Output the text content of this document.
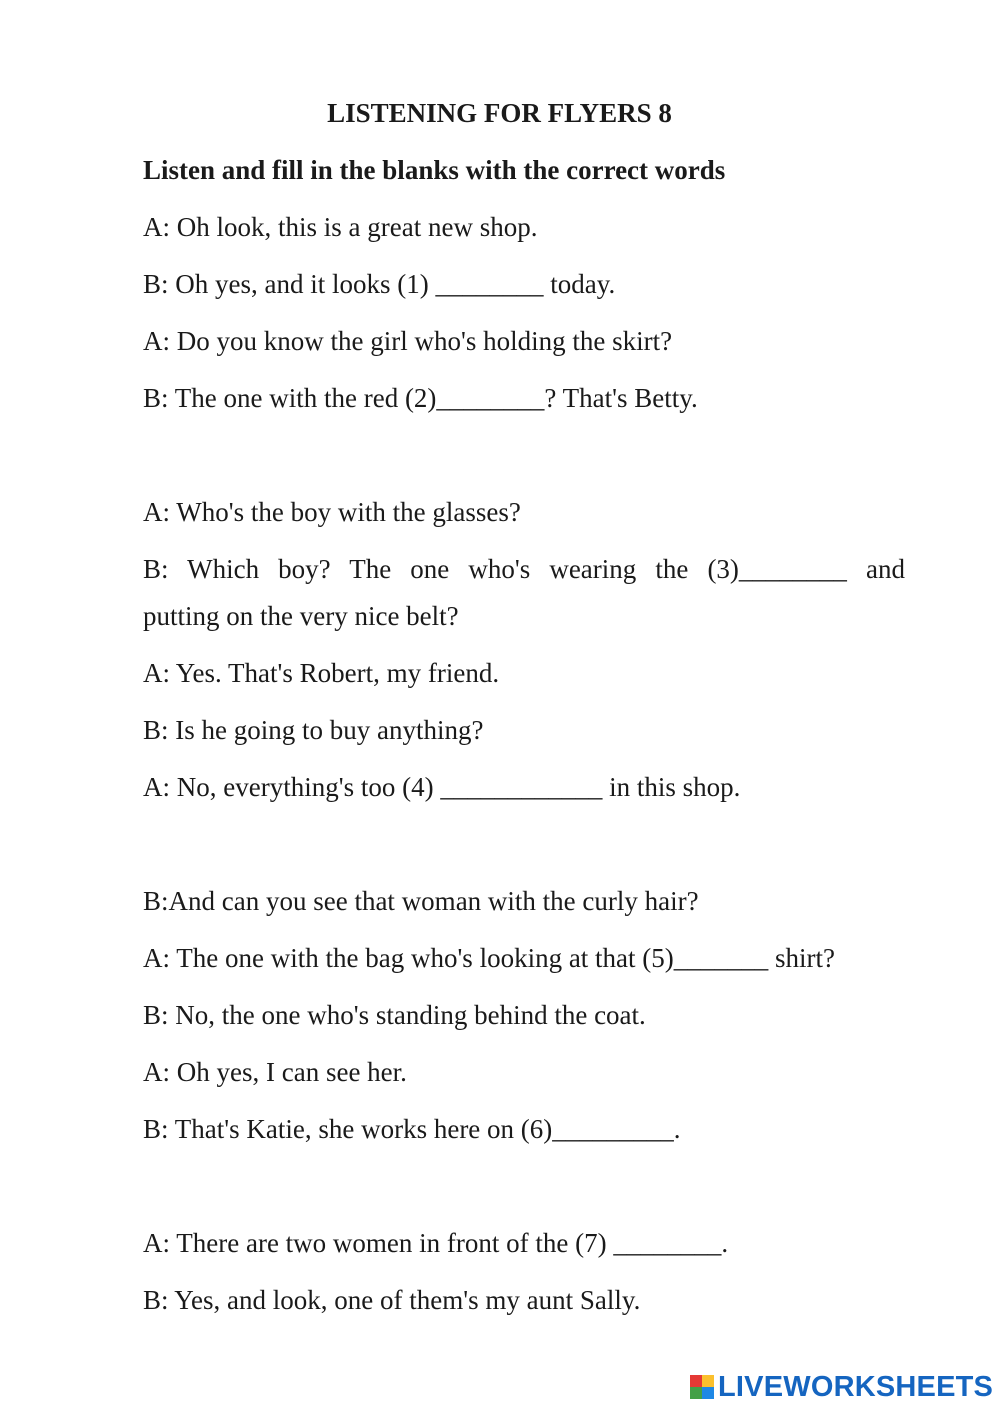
LISTENING FOR FLYERS 8

Listen and fill in the blanks with the correct words

A: Oh look, this is a great new shop.

B: Oh yes, and it looks (1) ________ today.

A: Do you know the girl who's holding the skirt?

B: The one with the red (2)________? That's Betty.

A: Who's the boy with the glasses?

B: Which boy? The one who's wearing the (3)________ and

putting on the very nice belt?

A: Yes. That's Robert, my friend.

B: Is he going to buy anything?

A: No, everything's too (4) ____________ in this shop.

B:And can you see that woman with the curly hair?

A: The one with the bag who's looking at that (5)_______ shirt?

B: No, the one who's standing behind the coat.

A: Oh yes, I can see her.

B: That's Katie, she works here on (6)_________.

A: There are two women in front of the (7) ________.

B: Yes, and look, one of them's my aunt Sally.

LIVEWORKSHEETS
